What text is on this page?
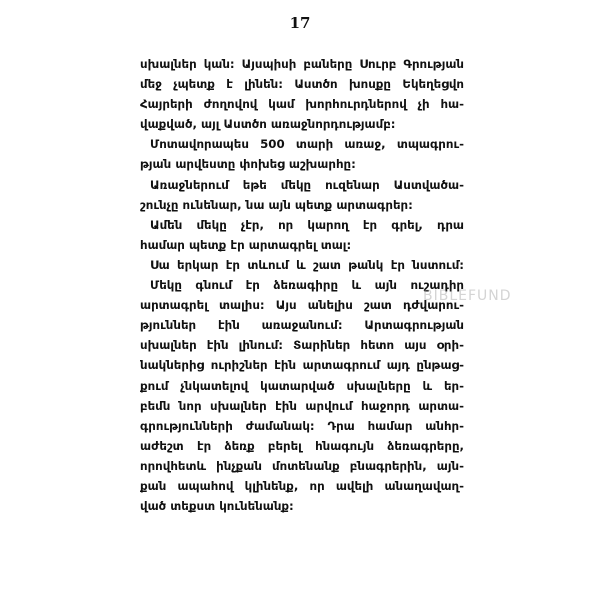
17
սխալներ կան: Այսպիսի բաները Սուրբ Գրության
մեջ չպետք է լինեն: Աստծո խոսքը Եկեղեցվո
Հայրերի ժողովով կամ խորհուրդներով չի հա-
վաքված, այլ Աստծո առաջնորդությամբ:
Մոտավորապես 500 տարի առաջ, տպագրու-
թյան արվեստը փոխեց աշխարհը:
Առաջներում եթե մեկը ուզենար Աստվածա-
շունչը ունենար, նա այն պետք արտագրեր:
Ամեն մեկը չէր, որ կարող էր գրել, դրա
համար պետք էր արտագրել տալ:
Սա երկար էր տևում և շատ թանկ էր նստում:
Մեկը գնում էր ձեռագիրը և այն ուշադիր
արտագրել տալիս: Այս անելիս շատ դժվարու-
թյուններ էին առաջանում: Արտագրության
սխալներ էին լինում: Տարիներ հետո այս օրի-
նակներից ուրիշներ էին արտագրում այդ ընթաց-
քում չնկատելով կատարված սխալները և եր-
բեմն նոր սխալներ էին արվում հաջորդ արտա-
գրությունների ժամանակ: Դրա համար անհր-
աժեշտ էր ձեռք բերել հնագույն ձեռագրերը,
որովհետև ինչքան մոտենանք բնագրերին, այն-
քան ապահով կլինենք, որ ավելի անաղավաղ-
ված տեքստ կունենանք:
BIBLEFUND
